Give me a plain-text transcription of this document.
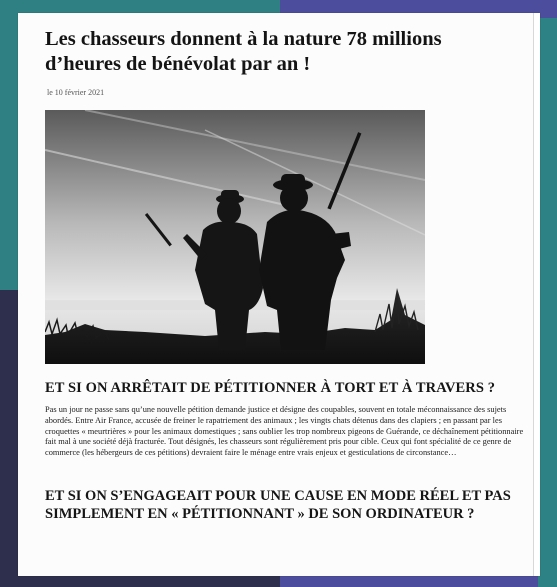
Les chasseurs donnent à la nature 78 millions d’heures de bénévolat par an !
le 10 février 2021
ET SI ON ARRÊTAIT DE PÉTITIONNER À TORT ET À TRAVERS ?

Pas un jour ne passe sans qu’une nouvelle pétition demande justice et désigne des coupables, souvent en totale méconnaissance des sujets abordés. Entre Air France, accusée de freiner le rapatriement des animaux ; les vingts chats détenus dans des clapiers ; en passant par les croquettes « meurtrières » pour les animaux domestiques ; sans oublier les trop nombreux pigeons de Guérande, ce déchaînement pétitionnaire fait mal à une société déjà fracturée. Tout désignés, les chasseurs sont régulièrement pris pour cible. Ceux qui font spécialité de ce genre de commerce (les hébergeurs de ces pétitions) devraient faire le ménage entre vrais enjeux et gesticulations de circonstance…

ET SI ON S’ENGAGEAIT POUR UNE CAUSE EN MODE RÉEL ET PAS SIMPLEMENT EN « PÉTITIONNANT » DE SON ORDINATEUR ?
